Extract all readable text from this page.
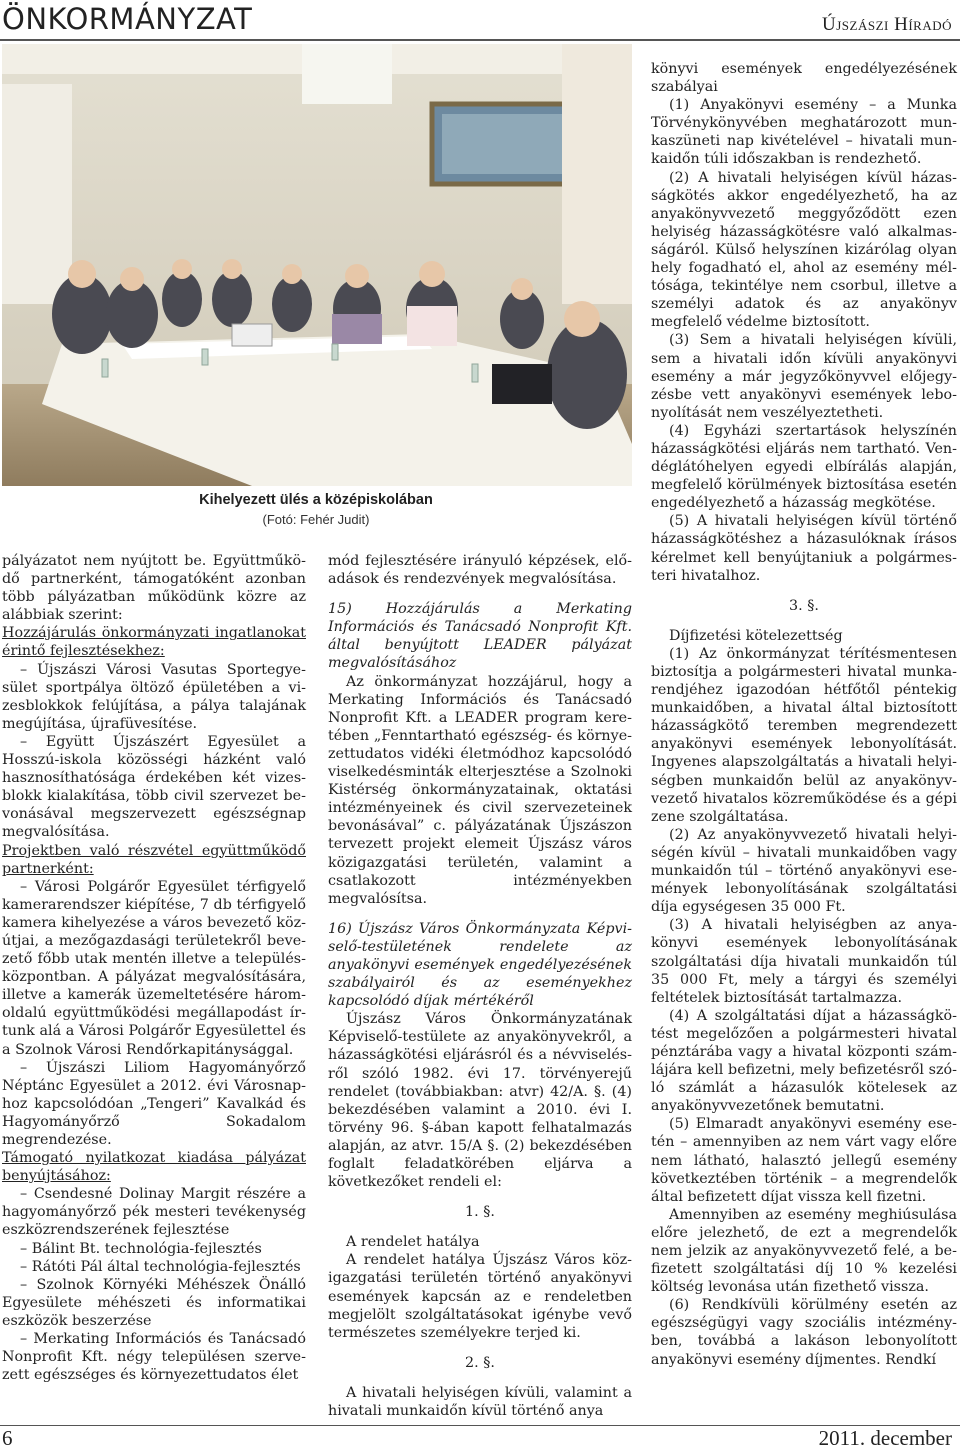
ÖNKORMÁNYZAT	Újszászi Híradó
Kihelyezett ülés a középiskolában
(Fotó: Fehér Judit)

pályázatot nem nyújtott be. Együttműködő partnerként, támogatóként azonban több pályázatban működünk közre az alábbiak szerint:

Hozzájárulás önkormányzati ingatlanokat érintő fejlesztésekhez:

– Újszászi Városi Vasutas Sportegyesület sportpálya öltöző épületében a vizesblokkok felújítása, a pálya talajának megújítása, újrafüvesítése.

– Együtt Újszászért Egyesület a Hosszú-iskola közösségi házként való hasznosíthatósága érdekében két vizesblokk kialakítása, több civil szervezet bevonásával megszervezett egészségnap megvalósítása.

Projektben való részvétel együttműködő partnerként:

– Városi Polgárőr Egyesület térfigyelő kamerarendszer kiépítése, 7 db térfigyelő kamera kihelyezése a város bevezető közútjai, a mezőgazdasági területekről bevezető főbb utak mentén illetve a településközpontban. A pályázat megvalósítására, illetve a kamerák üzemeltetésére háromoldalú együttműködési megállapodást írtunk alá a Városi Polgárőr Egyesülettel és a Szolnok Városi Rendőrkapitánysággal.

– Újszászi Liliom Hagyományőrző Néptánc Egyesület a 2012. évi Városnaphoz kapcsolódóan „Tengeri” Kavalkád és Hagyományőrző Sokadalom megrendezése.

Támogató nyilatkozat kiadása pályázat benyújtásához:

– Csendesné Dolinay Margit részére a hagyományőrző pék mesteri tevékenység eszközrendszerének fejlesztése

– Bálint Bt. technológia-fejlesztés

– Rátóti Pál által technológia-fejlesztés

– Szolnok Környéki Méhészek Önálló Egyesülete méhészeti és informatikai eszközök beszerzése

– Merkating Információs és Tanácsadó Nonprofit Kft. négy településen szervezett egészséges és környezettudatos élet

mód fejlesztésére irányuló képzések, előadások és rendezvények megvalósítása.

15) Hozzájárulás a Merkating Információs és Tanácsadó Nonprofit Kft. által benyújtott LEADER pályázat megvalósításához

Az önkormányzat hozzájárul, hogy a Merkating Információs és Tanácsadó Nonprofit Kft. a LEADER program keretében „Fenntartható egészség- és környezettudatos vidéki életmódhoz kapcsolódó viselkedésminták elterjesztése a Szolnoki Kistérség önkormányzatainak, oktatási intézményeinek és civil szervezeteinek bevonásával” c. pályázatának Újszászon tervezett projekt elemeit Újszász város közigazgatási területén, valamint a csatlakozott intézményekben megvalósítsa.

16) Újszász Város Önkormányzata Képviselő-testületének rendelete az anyakönyvi események engedélyezésének szabályairól és az eseményekhez kapcsolódó díjak mértékéről

Újszász Város Önkormányzatának Képviselő-testülete az anyakönyvekről, a házasságkötési eljárásról és a névviselésről szóló 1982. évi 17. törvényerejű rendelet (továbbiakban: atvr) 42/A. §. (4) bekezdésében valamint a 2010. évi I. törvény 96. §-ában kapott felhatalmazás alapján, az atvr. 15/A §. (2) bekezdésében foglalt feladatkörében eljárva a következőket rendeli el:

1. §.

A rendelet hatálya

A rendelet hatálya Újszász Város közigazgatási területén történő anyakönyvi események kapcsán az e rendeletben megjelölt szolgáltatásokat igénybe vevő természetes személyekre terjed ki.

2. §.

A hivatali helyiségen kívüli, valamint a hivatali munkaidőn kívül történő anya

könyvi események engedélyezésének szabályai

(1) Anyakönyvi esemény – a Munka Törvénykönyvében meghatározott munkaszüneti nap kivételével – hivatali munkaidőn túli időszakban is rendezhető.

(2) A hivatali helyiségen kívül házasságkötés akkor engedélyezhető, ha az anyakönyvvezető meggyőződött ezen helyiség házasságkötésre való alkalmasságáról. Külső helyszínen kizárólag olyan hely fogadható el, ahol az esemény méltósága, tekintélye nem csorbul, illetve a személyi adatok és az anyakönyv megfelelő védelme biztosított.

(3) Sem a hivatali helyiségen kívüli, sem a hivatali időn kívüli anyakönyvi esemény a már jegyzőkönyvvel előjegyzésbe vett anyakönyvi események lebonyolítását nem veszélyeztetheti.

(4) Egyházi szertartások helyszínén házasságkötési eljárás nem tartható. Vendéglátóhelyen egyedi elbírálás alapján, megfelelő körülmények biztosítása esetén engedélyezhető a házasság megkötése.

(5) A hivatali helyiségen kívül történő házasságkötéshez a házasulóknak írásos kérelmet kell benyújtaniuk a polgármesteri hivatalhoz.

3. §.

Díjfizetési kötelezettség

(1) Az önkormányzat térítésmentesen biztosítja a polgármesteri hivatal munkarendjéhez igazodóan hétfőtől péntekig munkaidőben, a hivatal által biztosított házasságkötő teremben megrendezett anyakönyvi események lebonyolítását. Ingyenes alapszolgáltatás a hivatali helyiségben munkaidőn belül az anyakönyvvezető hivatalos közreműködése és a gépi zene szolgáltatása.

(2) Az anyakönyvvezető hivatali helyiségén kívül – hivatali munkaidőben vagy munkaidőn túl – történő anyakönyvi események lebonyolításának szolgáltatási díja egységesen 35 000 Ft.

(3) A hivatali helyiségben az anyakönyvi események lebonyolításának szolgáltatási díja hivatali munkaidőn túl 35 000 Ft, mely a tárgyi és személyi feltételek biztosítását tartalmazza.

(4) A szolgáltatási díjat a házasságkötést megelőzően a polgármesteri hivatal pénztárába vagy a hivatal központi számlájára kell befizetni, mely befizetésről szóló számlát a házasulók kötelesek az anyakönyvvezetőnek bemutatni.

(5) Elmaradt anyakönyvi esemény esetén – amennyiben az nem várt vagy előre nem látható, halasztó jellegű esemény következtében történik – a megrendelők által befizetett díjat vissza kell fizetni.

Amennyiben az esemény meghiúsulása előre jelezhető, de ezt a megrendelők nem jelzik az anyakönyvvezető felé, a befizetett szolgáltatási díj 10 % kezelési költség levonása után fizethető vissza.

(6) Rendkívüli körülmény esetén az egészségügyi vagy szociális intézményben, továbbá a lakáson lebonyolított anyakönyvi esemény díjmentes. Rendkí

6	2011. december
